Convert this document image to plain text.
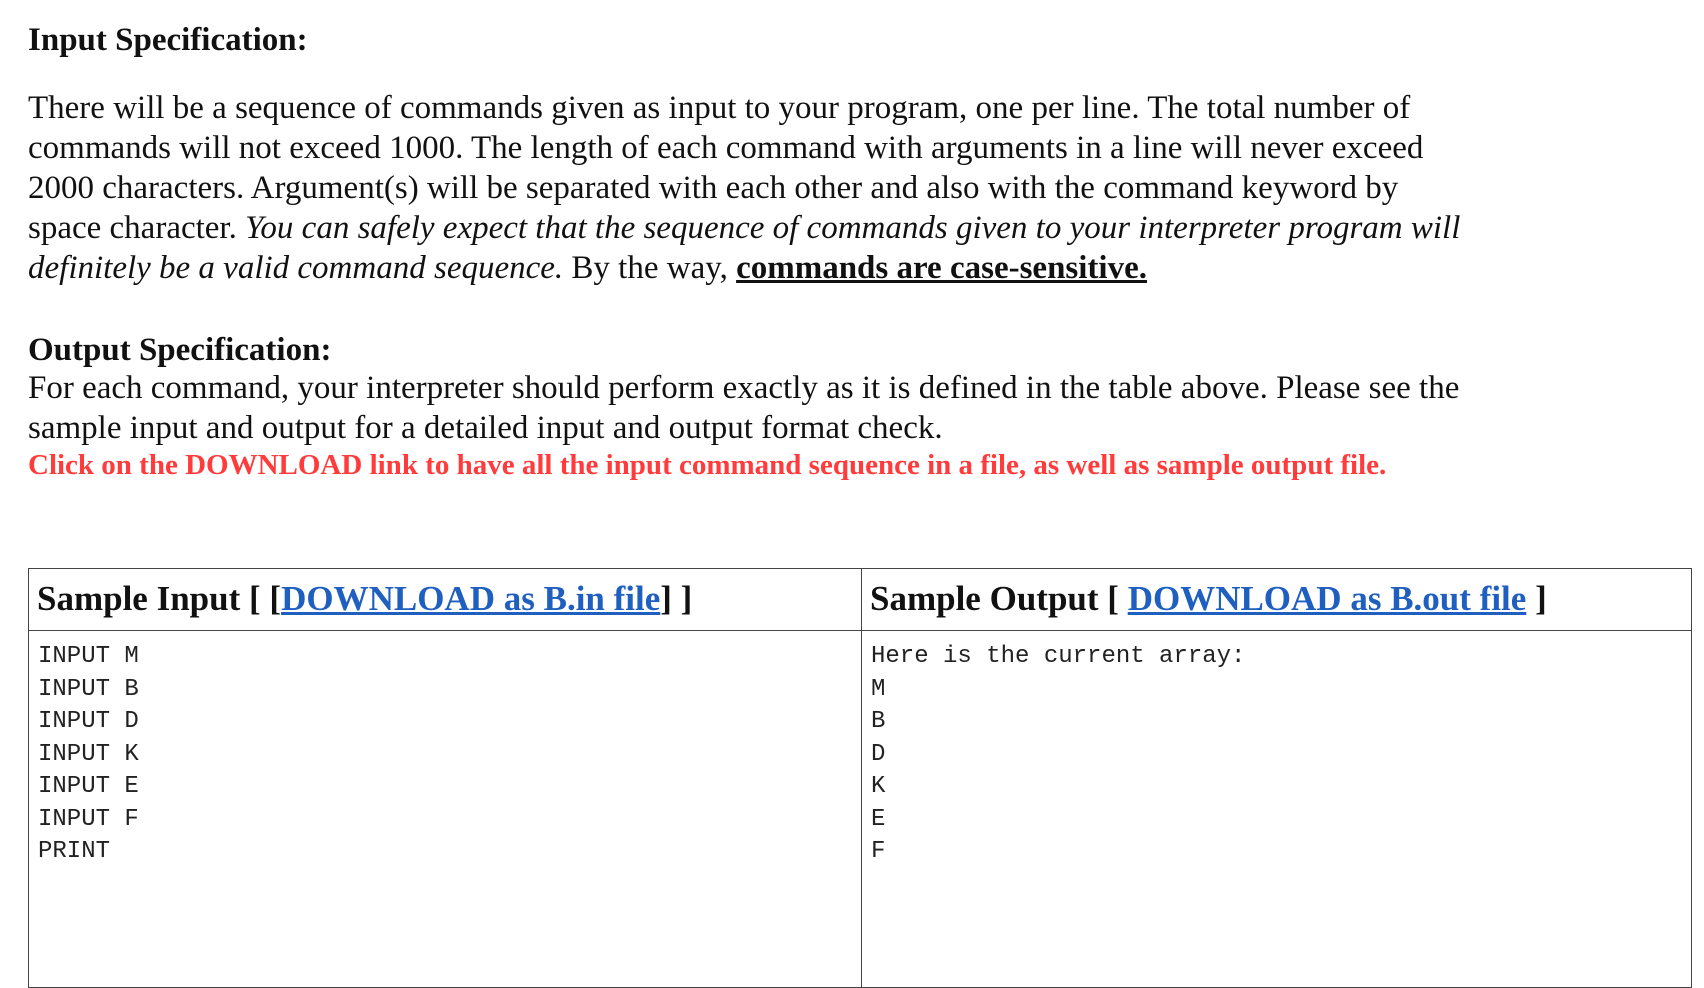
Input Specification:
There will be a sequence of commands given as input to your program, one per line. The total number of
commands will not exceed 1000. The length of each command with arguments in a line will never exceed
2000 characters. Argument(s) will be separated with each other and also with the command keyword by
space character. You can safely expect that the sequence of commands given to your interpreter program will
definitely be a valid command sequence. By the way, commands are case-sensitive.
Output Specification:
For each command, your interpreter should perform exactly as it is defined in the table above. Please see the
sample input and output for a detailed input and output format check.
Click on the DOWNLOAD link to have all the input command sequence in a file, as well as sample output file.
Sample Input [ [DOWNLOAD as B.in file] ]	Sample Output [ DOWNLOAD as B.out file ]
INPUT M
INPUT B
INPUT D
INPUT K
INPUT E
INPUT F
PRINT
Here is the current array:
M
B
D
K
E
F
